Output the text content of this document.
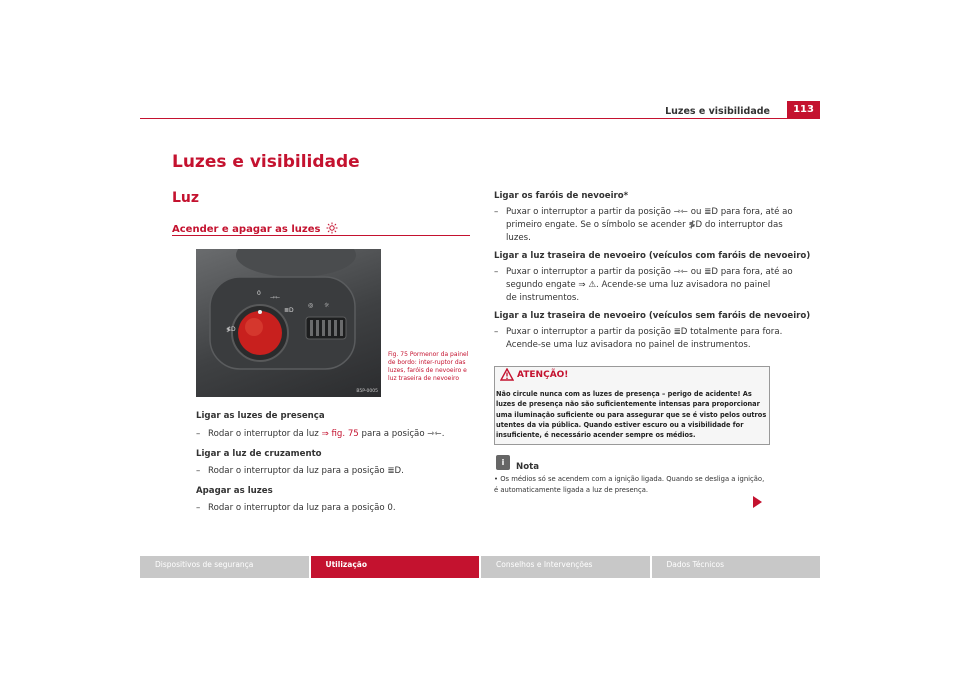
Luzes e visibilidade	113
Luzes e visibilidade
Luz
Acender e apagar as luzes
0
⇾⇽
≣D
≸D
◎ ☼
B5P-0005
Fig. 75 Pormenor da painel de bordo: inter-ruptor das luzes, faróis de nevoeiro e luz traseira de nevoeiro
Ligar as luzes de presença
– Rodar o interruptor da luz ⇒ fig. 75 para a posição ⇾⇽.
Ligar a luz de cruzamento
– Rodar o interruptor da luz para a posição ≣D.
Apagar as luzes
– Rodar o interruptor da luz para a posição 0.
Ligar os faróis de nevoeiro*
– Puxar o interruptor a partir da posição ⇾⇽ ou ≣D para fora, até ao
primeiro engate. Se o símbolo se acender ≸D do interruptor das
luzes.
Ligar a luz traseira de nevoeiro (veículos com faróis de nevoeiro)
– Puxar o interruptor a partir da posição ⇾⇽ ou ≣D para fora, até ao
segundo engate ⇒ ⚠. Acende-se uma luz avisadora no painel
de instrumentos.
Ligar a luz traseira de nevoeiro (veículos sem faróis de nevoeiro)
– Puxar o interruptor a partir da posição ≣D totalmente para fora.
Acende-se uma luz avisadora no painel de instrumentos.
ATENÇÃO!
Não circule nunca com as luzes de presença – perigo de acidente! As luzes de presença não são suficientemente intensas para proporcionar uma iluminação suficiente ou para assegurar que se é visto pelos outros utentes da via pública. Quando estiver escuro ou a visibilidade for insuficiente, é necessário acender sempre os médios.
i	Nota
• Os médios só se acendem com a ignição ligada. Quando se desliga a ignição, é automaticamente ligada a luz de presença.
Dispositivos de segurança	Utilização	Conselhos e Intervenções	Dados Técnicos
